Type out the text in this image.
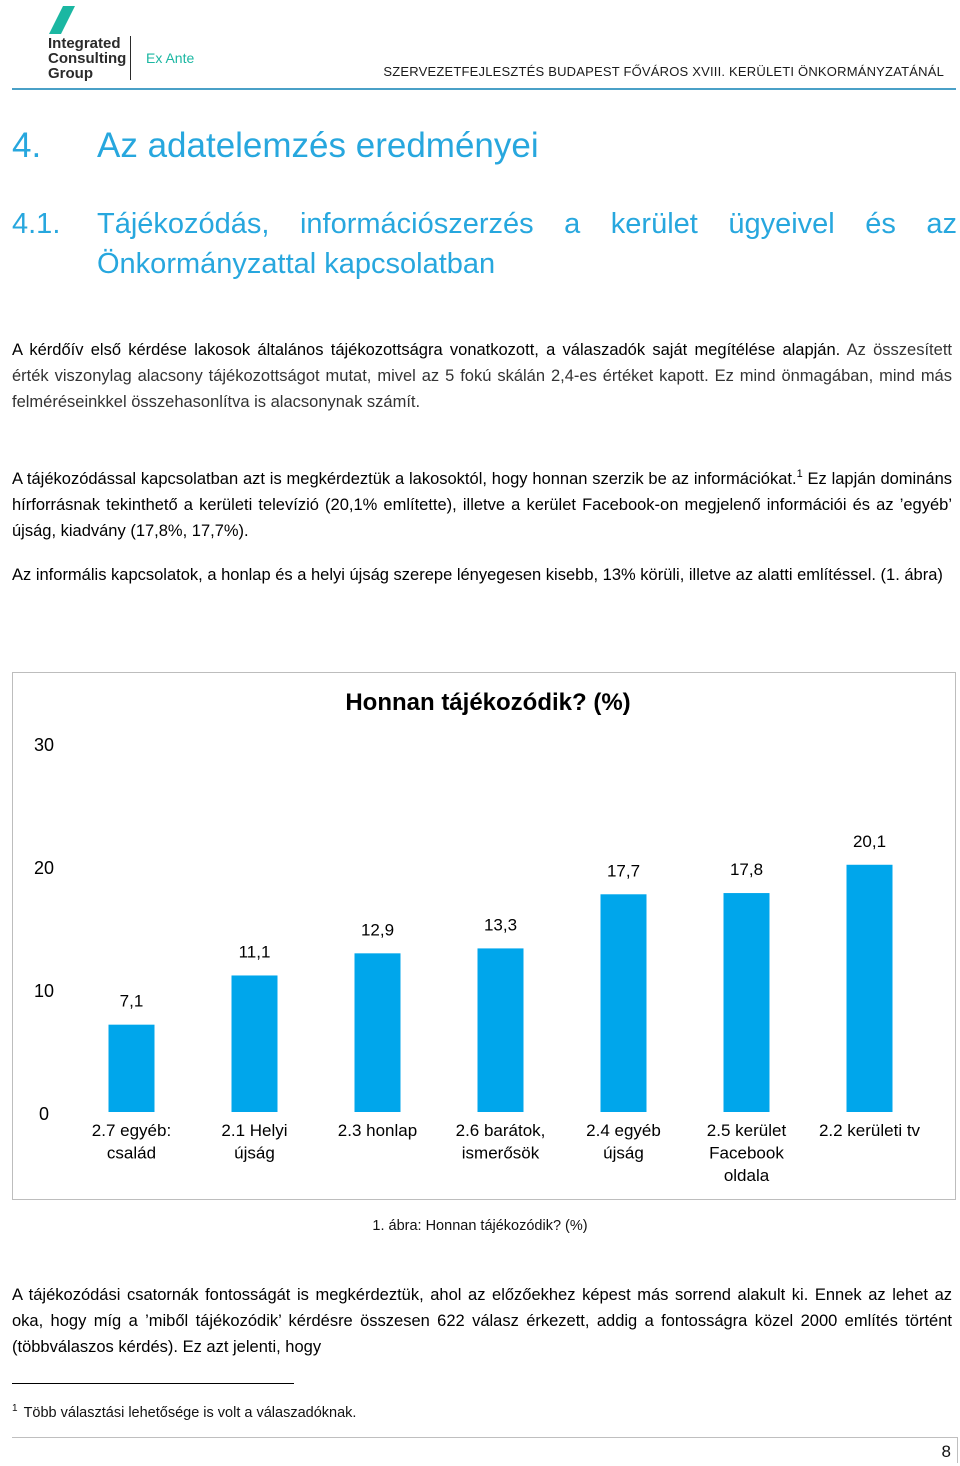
Integrated
Consulting
Group
Ex Ante
SZERVEZETFEJLESZTÉS BUDAPEST FŐVÁROS XVIII. KERÜLETI ÖNKORMÁNYZATÁNÁL
4. Az adatelemzés eredményei
4.1.	Tájékozódás, információszerzés a kerület ügyeivel és az Önkormányzattal kapcsolatban

A kérdőív első kérdése lakosok általános tájékozottságra vonatkozott, a válaszadók saját megítélése alapján. Az összesített érték viszonylag alacsony tájékozottságot mutat, mivel az 5 fokú skálán 2,4-es értéket kapott. Ez mind önmagában, mind más felméréseinkkel összehasonlítva is alacsonynak számít.

A tájékozódással kapcsolatban azt is megkérdeztük a lakosoktól, hogy honnan szerzik be az információkat.$^1$ Ez lapján domináns hírforrásnak tekinthető a kerületi televízió (20,1% említette), illetve a kerület Facebook-on megjelenő információi és az ’egyéb’ újság, kiadvány (17,8%, 17,7%).

Az informális kapcsolatok, a honlap és a helyi újság szerepe lényegesen kisebb, 13% körüli, illetve az alatti említéssel. (1. ábra)

Honnan tájékozódik? (%)
0
10
20
30
7,1
2.7 egyéb: család
11,1
2.1 Helyi újság
12,9
2.3 honlap
13,3
2.6 barátok, ismerősök
17,7
2.4 egyéb újság
17,8
2.5 kerület Facebook oldala
20,1
2.2 kerületi tv
1. ábra: Honnan tájékozódik? (%)

A tájékozódási csatornák fontosságát is megkérdeztük, ahol az előzőekhez képest más sorrend alakult ki. Ennek az lehet az oka, hogy míg a ’miből tájékozódik’ kérdésre összesen 622 válasz érkezett, addig a fontosságra közel 2000 említés történt (többválaszos kérdés). Ez azt jelenti, hogy

$^1$ Több választási lehetősége is volt a válaszadóknak.
8
